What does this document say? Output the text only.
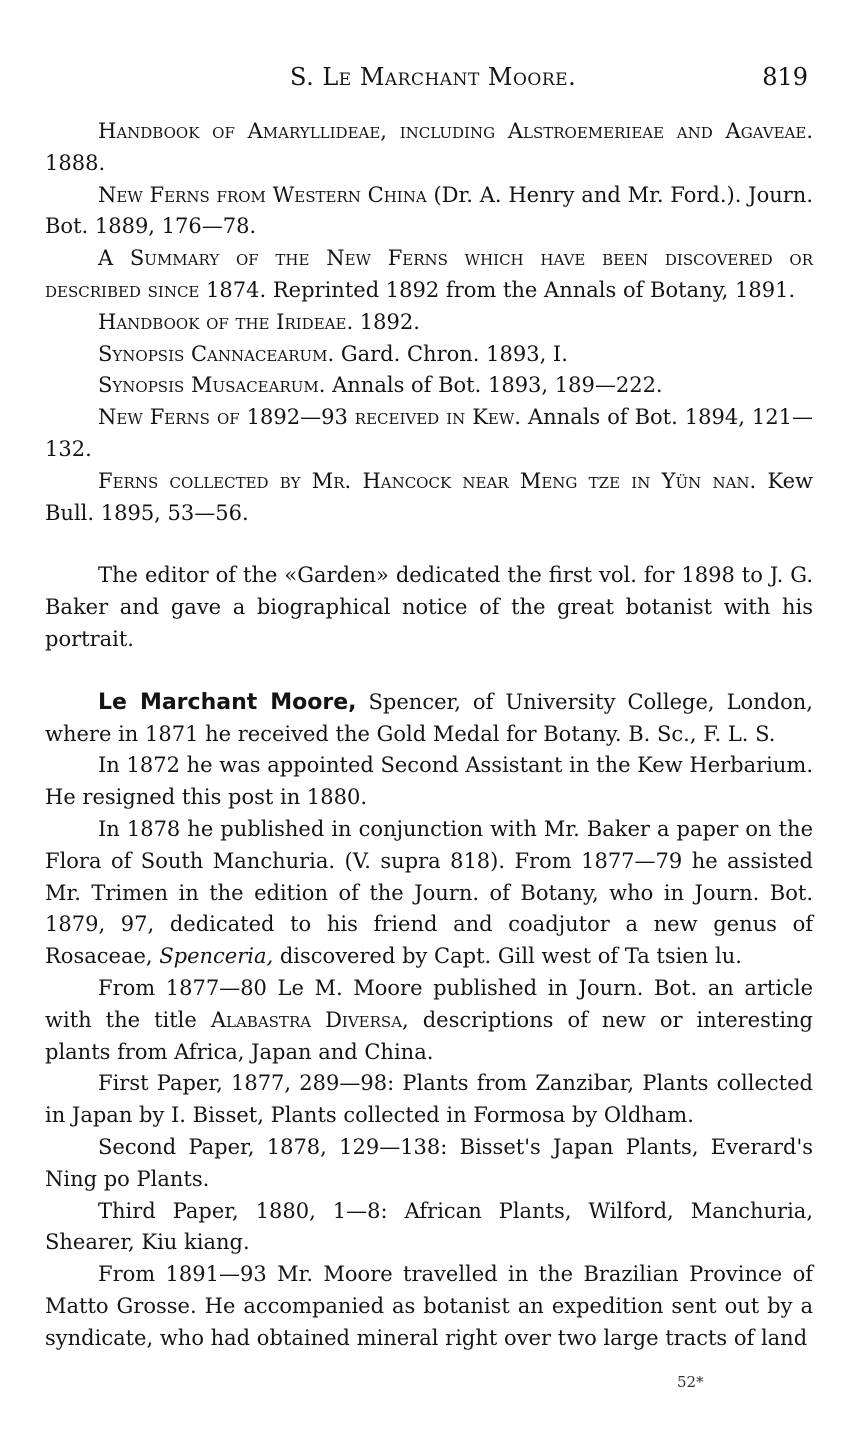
S. Le Marchant Moore.	819

Handbook of Amaryllideae, including Alstroemerieae and Agaveae. 1888.

New Ferns from Western China (Dr. A. Henry and Mr. Ford.). Journ. Bot. 1889, 176—78.

A Summary of the New Ferns which have been discovered or described since 1874. Reprinted 1892 from the Annals of Botany, 1891.

Handbook of the Irideae. 1892.

Synopsis Cannacearum. Gard. Chron. 1893, I.

Synopsis Musacearum. Annals of Bot. 1893, 189—222.

New Ferns of 1892—93 received in Kew. Annals of Bot. 1894, 121—132.

Ferns collected by Mr. Hancock near Meng tze in Yün nan. Kew Bull. 1895, 53—56.

The editor of the «Garden» dedicated the first vol. for 1898 to J. G. Baker and gave a biographical notice of the great botanist with his portrait.

Le Marchant Moore, Spencer, of University College, London, where in 1871 he received the Gold Medal for Botany. B. Sc., F. L. S.

In 1872 he was appointed Second Assistant in the Kew Herbarium. He resigned this post in 1880.

In 1878 he published in conjunction with Mr. Baker a paper on the Flora of South Manchuria. (V. supra 818). From 1877—79 he assisted Mr. Trimen in the edition of the Journ. of Botany, who in Journ. Bot. 1879, 97, dedicated to his friend and coadjutor a new genus of Rosaceae, Spenceria, discovered by Capt. Gill west of Ta tsien lu.

From 1877—80 Le M. Moore published in Journ. Bot. an article with the title Alabastra Diversa, descriptions of new or interesting plants from Africa, Japan and China.

First Paper, 1877, 289—98: Plants from Zanzibar, Plants collected in Japan by I. Bisset, Plants collected in Formosa by Oldham.

Second Paper, 1878, 129—138: Bisset's Japan Plants, Everard's Ning po Plants.

Third Paper, 1880, 1—8: African Plants, Wilford, Manchuria, Shearer, Kiu kiang.

From 1891—93 Mr. Moore travelled in the Brazilian Province of Matto Grosse. He accompanied as botanist an expedition sent out by a syndicate, who had obtained mineral right over two large tracts of land

52*
